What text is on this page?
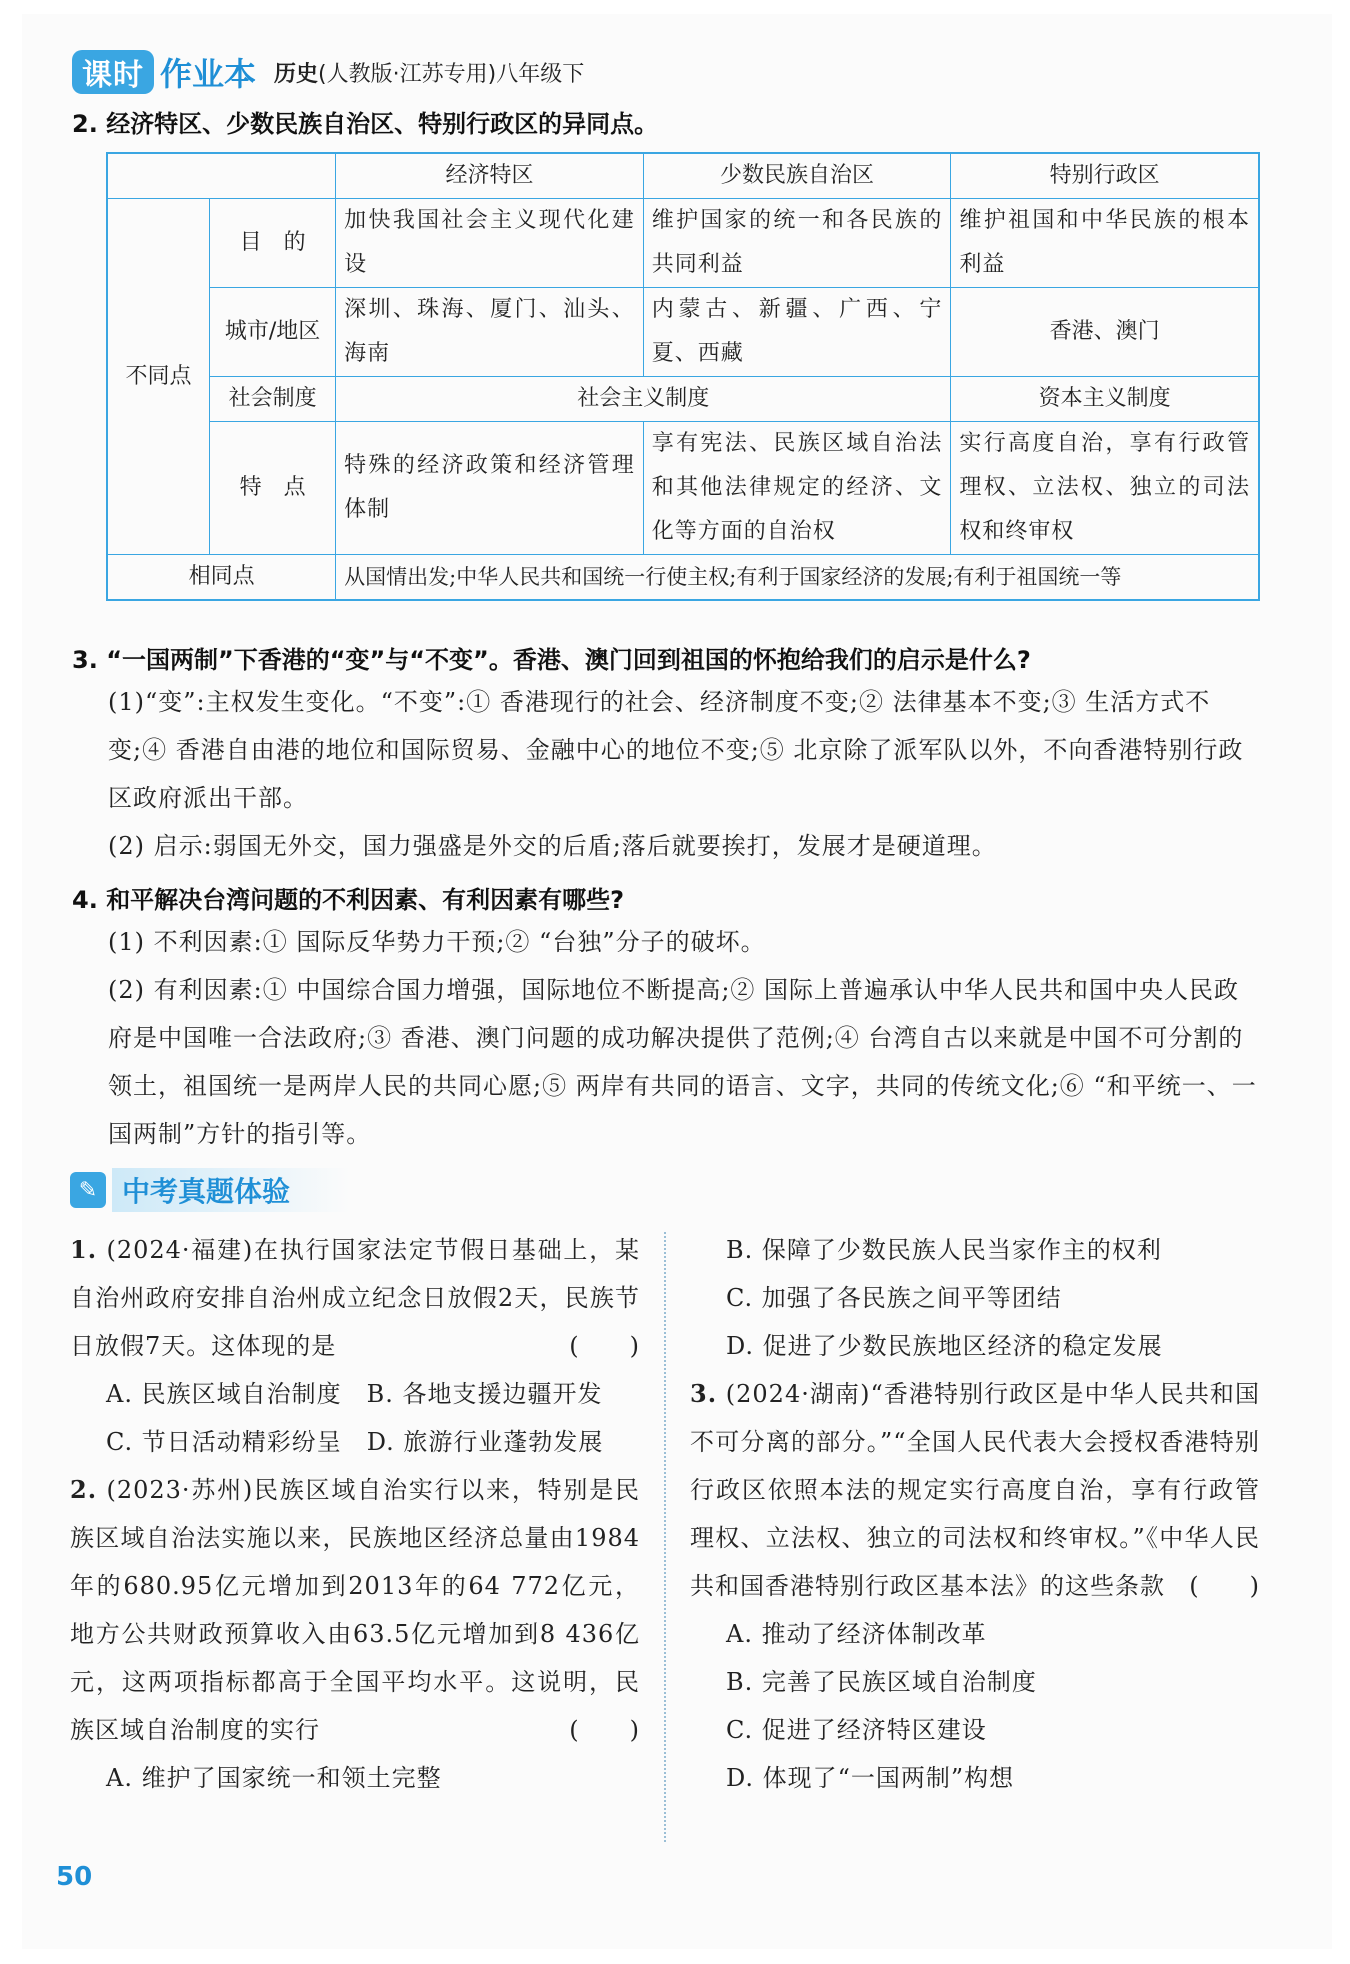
课时 作业本 历史(人教版·江苏专用)八年级下
2. 经济特区、少数民族自治区、特别行政区的异同点。
		经济特区	少数民族自治区	特别行政区
不同点	目　的	加快我国社会主义现代化建设	维护国家的统一和各民族的共同利益	维护祖国和中华民族的根本利益
	城市/地区	深圳、珠海、厦门、汕头、海南	内蒙古、新疆、广西、宁夏、西藏	香港、澳门
	社会制度	社会主义制度		资本主义制度
	特　点	特殊的经济政策和经济管理体制	享有宪法、民族区域自治法和其他法律规定的经济、文化等方面的自治权	实行高度自治，享有行政管理权、立法权、独立的司法权和终审权
相同点		从国情出发;中华人民共和国统一行使主权;有利于国家经济的发展;有利于祖国统一等		
3. “一国两制”下香港的“变”与“不变”。香港、澳门回到祖国的怀抱给我们的启示是什么?
(1)“变”:主权发生变化。“不变”:① 香港现行的社会、经济制度不变;② 法律基本不变;③ 生活方式不变;④ 香港自由港的地位和国际贸易、金融中心的地位不变;⑤ 北京除了派军队以外，不向香港特别行政区政府派出干部。
(2) 启示:弱国无外交，国力强盛是外交的后盾;落后就要挨打，发展才是硬道理。
4. 和平解决台湾问题的不利因素、有利因素有哪些?
(1) 不利因素:① 国际反华势力干预;② “台独”分子的破坏。
(2) 有利因素:① 中国综合国力增强，国际地位不断提高;② 国际上普遍承认中华人民共和国中央人民政府是中国唯一合法政府;③ 香港、澳门问题的成功解决提供了范例;④ 台湾自古以来就是中国不可分割的领土，祖国统一是两岸人民的共同心愿;⑤ 两岸有共同的语言、文字，共同的传统文化;⑥ “和平统一、一国两制”方针的指引等。
✎ 中考真题体验
1. (2024·福建)在执行国家法定节假日基础上，某自治州政府安排自治州成立纪念日放假2天，民族节日放假7天。这体现的是	(　　)
A. 民族区域自治制度　B. 各地支援边疆开发
C. 节日活动精彩纷呈　D. 旅游行业蓬勃发展
2. (2023·苏州)民族区域自治实行以来，特别是民族区域自治法实施以来，民族地区经济总量由1984年的680.95亿元增加到2013年的64 772亿元，地方公共财政预算收入由63.5亿元增加到8 436亿元，这两项指标都高于全国平均水平。这说明，民族区域自治制度的实行	(　　)
A. 维护了国家统一和领土完整
B. 保障了少数民族人民当家作主的权利
C. 加强了各民族之间平等团结
D. 促进了少数民族地区经济的稳定发展
3. (2024·湖南)“香港特别行政区是中华人民共和国不可分离的部分。”“全国人民代表大会授权香港特别行政区依照本法的规定实行高度自治，享有行政管理权、立法权、独立的司法权和终审权。”《中华人民共和国香港特别行政区基本法》的这些条款 (　　)
A. 推动了经济体制改革
B. 完善了民族区域自治制度
C. 促进了经济特区建设
D. 体现了“一国两制”构想
50
